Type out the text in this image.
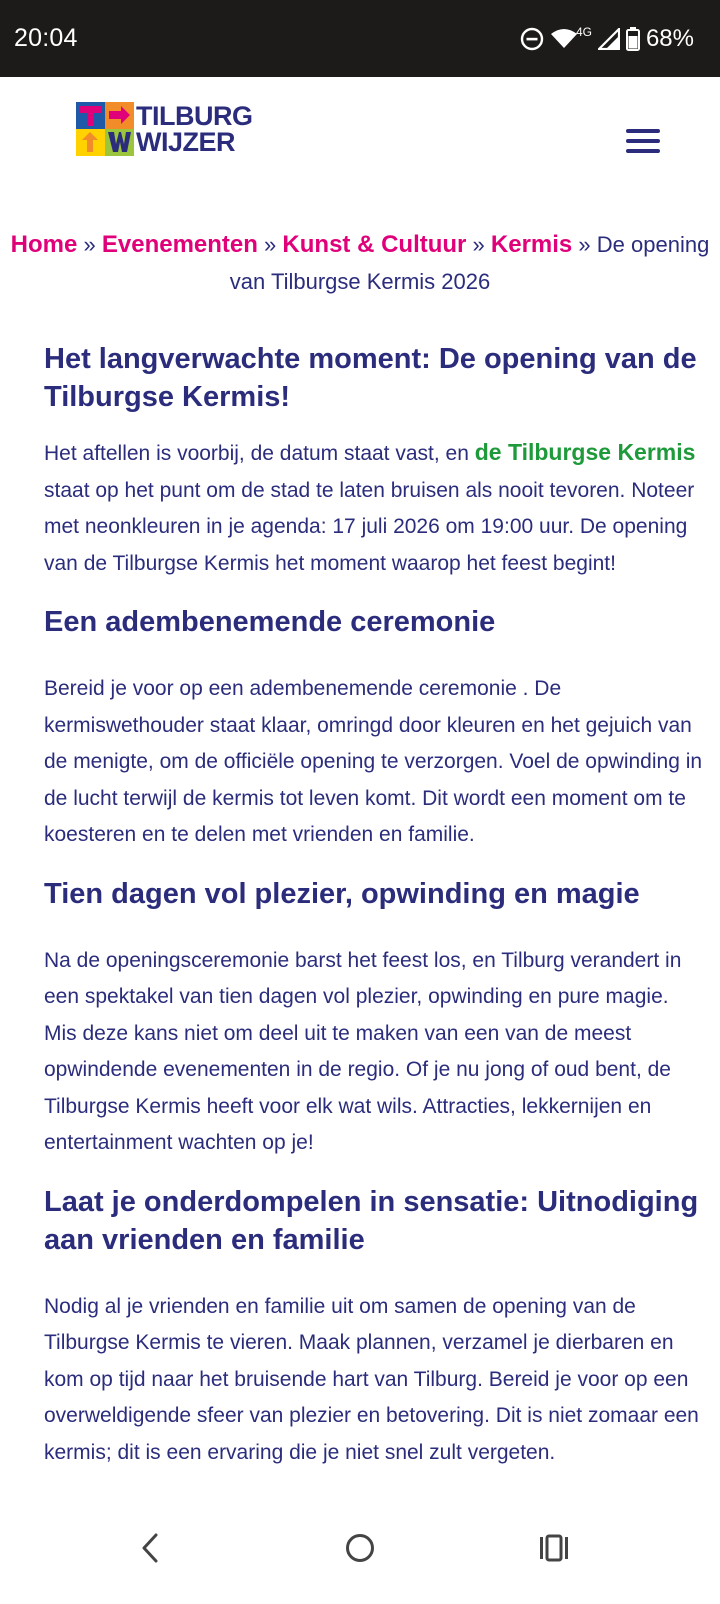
20:04	4G 68%
TILBURG
WIJZER
Home » Evenementen » Kunst & Cultuur » Kermis » De opening van Tilburgse Kermis 2026
Het langverwachte moment: De opening van de Tilburgse Kermis!

Het aftellen is voorbij, de datum staat vast, en de Tilburgse Kermis staat op het punt om de stad te laten bruisen als nooit tevoren. Noteer met neonkleuren in je agenda: 17 juli 2026 om 19:00 uur. De opening van de Tilburgse Kermis het moment waarop het feest begint!

Een adembenemende ceremonie

Bereid je voor op een adembenemende ceremonie . De kermiswethouder staat klaar, omringd door kleuren en het gejuich van de menigte, om de officiële opening te verzorgen. Voel de opwinding in de lucht terwijl de kermis tot leven komt. Dit wordt een moment om te koesteren en te delen met vrienden en familie.

Tien dagen vol plezier, opwinding en magie

Na de openingsceremonie barst het feest los, en Tilburg verandert in een spektakel van tien dagen vol plezier, opwinding en pure magie. Mis deze kans niet om deel uit te maken van een van de meest opwindende evenementen in de regio. Of je nu jong of oud bent, de Tilburgse Kermis heeft voor elk wat wils. Attracties, lekkernijen en entertainment wachten op je!

Laat je onderdompelen in sensatie: Uitnodiging aan vrienden en familie

Nodig al je vrienden en familie uit om samen de opening van de Tilburgse Kermis te vieren. Maak plannen, verzamel je dierbaren en kom op tijd naar het bruisende hart van Tilburg. Bereid je voor op een overweldigende sfeer van plezier en betovering. Dit is niet zomaar een kermis; dit is een ervaring die je niet snel zult vergeten.
